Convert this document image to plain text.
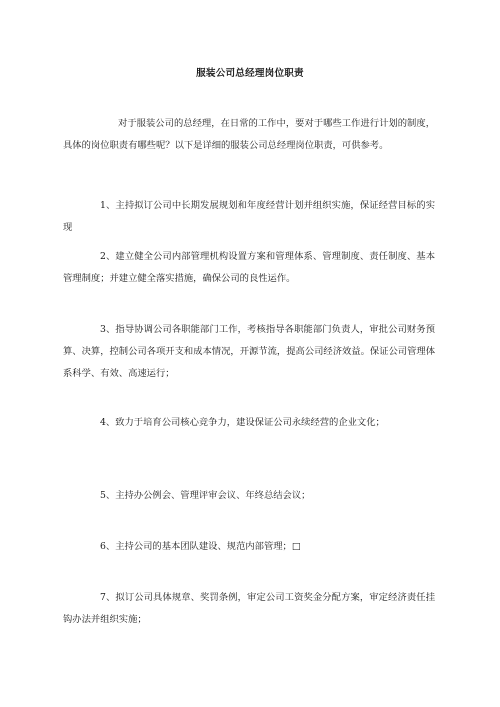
服装公司总经理岗位职责

对于服装公司的总经理，在日常的工作中，要对于哪些工作进行计划的制度，具体的岗位职责有哪些呢？以下是详细的服装公司总经理岗位职责，可供参考。

1、主持拟订公司中长期发展规划和年度经营计划并组织实施，保证经营目标的实现

2、建立健全公司内部管理机构设置方案和管理体系、管理制度、责任制度、基本管理制度；并建立健全落实措施，确保公司的良性运作。

3、指导协调公司各职能部门工作，考核指导各职能部门负责人，审批公司财务预算、决算，控制公司各项开支和成本情况，开源节流，提高公司经济效益。保证公司管理体系科学、有效、高速运行；

4、致力于培育公司核心竞争力，建设保证公司永续经营的企业文化；

5、主持办公例会、管理评审会议、年终总结会议；

6、主持公司的基本团队建设、规范内部管理；□

7、拟订公司具体规章、奖罚条例，审定公司工资奖金分配方案，审定经济责任挂钩办法并组织实施；
